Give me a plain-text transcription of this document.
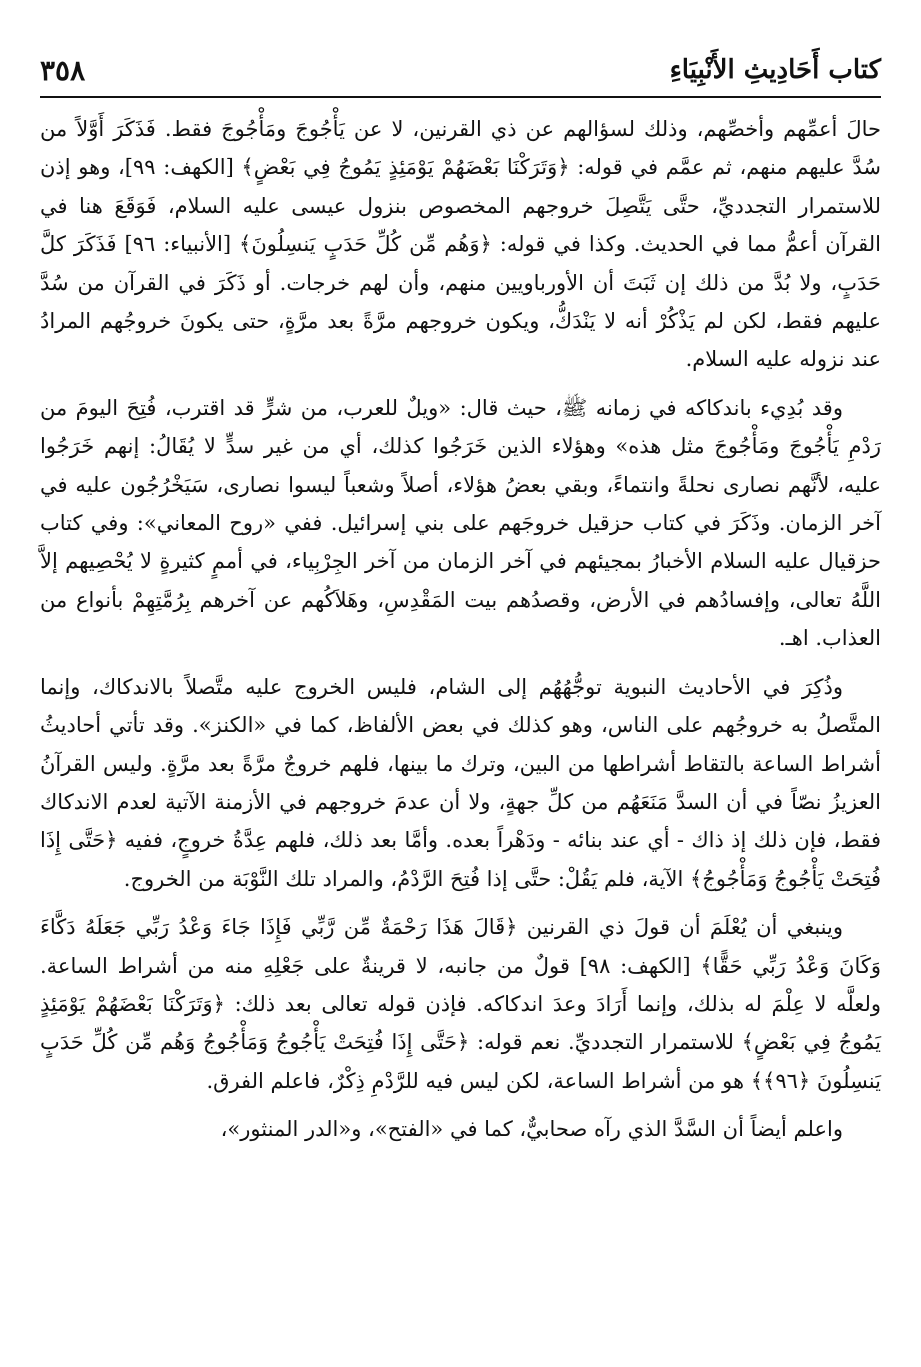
كتاب أَحَادِيثِ الأَنْبِيَاءِ
٣٥٨

حالَ أعمِّهم وأخصِّهم، وذلك لسؤالهم عن ذي القرنين، لا عن يَأْجُوجَ ومَأْجُوجَ فقط. فَذَكَرَ أَوَّلاً من سُدَّ عليهم منهم، ثم عمَّم في قوله: ﴿وَتَرَكْنَا بَعْضَهُمْ يَوْمَئِذٍ يَمُوجُ فِي بَعْضٍ﴾ [الكهف: ٩٩]، وهو إذن للاستمرار التجدديِّ، حتَّى يَتَّصِلَ خروجهم المخصوص بنزول عيسى عليه السلام، فَوَقَعَ هنا في القرآن أعمُّ مما في الحديث. وكذا في قوله: ﴿وَهُم مِّن كُلِّ حَدَبٍ يَنسِلُونَ﴾ [الأنبياء: ٩٦] فَذَكَرَ كلَّ حَدَبٍ، ولا بُدَّ من ذلك إن ثَبَتَ أن الأورباويين منهم، وأن لهم خرجات. أو ذَكَرَ في القرآن من سُدَّ عليهم فقط، لكن لم يَذْكُرْ أنه لا يَنْدَكُّ، ويكون خروجهم مرَّةً بعد مرَّةٍ، حتى يكونَ خروجُهم المرادُ عند نزوله عليه السلام.

وقد بُدِيء باندكاكه في زمانه ﷺ، حيث قال: «ويلٌ للعرب، من شرٍّ قد اقترب، فُتِحَ اليومَ من رَدْمِ يَأْجُوجَ ومَأْجُوجَ مثل هذه» وهؤلاء الذين خَرَجُوا كذلك، أي من غير سدٍّ لا يُقَالُ: إنهم خَرَجُوا عليه، لأنَّهم نصارى نحلةً وانتماءً، وبقي بعضُ هؤلاء، أصلاً وشعباً ليسوا نصارى، سَيَخْرُجُون عليه في آخر الزمان. وذَكَرَ في كتاب حزقيل خروجَهم على بني إسرائيل. ففي «روح المعاني»: وفي كتاب حزقيال عليه السلام الأخبارُ بمجيئهم في آخر الزمان من آخر الجِرْبِياء، في أممٍ كثيرةٍ لا يُحْصِيهم إلاَّ اللَّهُ تعالى، وإفسادُهم في الأرض، وقصدُهم بيت المَقْدِسِ، وهَلاَكُهم عن آخرهم بِرُمَّتِهِمْ بأنواع من العذاب. اهـ.

وذُكِرَ في الأحاديث النبوية توجُّهُهُم إلى الشام، فليس الخروج عليه متَّصلاً بالاندكاك، وإنما المتَّصلُ به خروجُهم على الناس، وهو كذلك في بعض الألفاظ، كما في «الكنز». وقد تأتي أحاديثُ أشراط الساعة بالتقاط أشراطها من البين، وترك ما بينها، فلهم خروجٌ مرَّةً بعد مرَّةٍ. وليس القرآنُ العزيزُ نصّاً في أن السدَّ مَنَعَهُم من كلِّ جهةٍ، ولا أن عدمَ خروجهم في الأزمنة الآتية لعدم الاندكاك فقط، فإن ذلك إذ ذاك - أي عند بنائه - ودَهْراً بعده. وأمَّا بعد ذلك، فلهم عِدَّةُ خروجٍ، ففيه ﴿حَتَّى إِذَا فُتِحَتْ يَأْجُوجُ وَمَأْجُوجُ﴾ الآية، فلم يَقُلْ: حتَّى إذا فُتِحَ الرَّدْمُ، والمراد تلك النَّوْبَة من الخروج.

وينبغي أن يُعْلَمَ أن قولَ ذي القرنين ﴿قَالَ هَذَا رَحْمَةٌ مِّن رَّبِّي فَإِذَا جَاءَ وَعْدُ رَبِّي جَعَلَهُ دَكَّاءَ وَكَانَ وَعْدُ رَبِّي حَقًّا﴾ [الكهف: ٩٨] قولٌ من جانبه، لا قرينةٌ على جَعْلِهِ منه من أشراط الساعة. ولعلَّه لا عِلْمَ له بذلك، وإنما أَرَادَ وعدَ اندكاكه. فإذن قوله تعالى بعد ذلك: ﴿وَتَرَكْنَا بَعْضَهُمْ يَوْمَئِذٍ يَمُوجُ فِي بَعْضٍ﴾ للاستمرار التجدديِّ. نعم قوله: ﴿حَتَّى إِذَا فُتِحَتْ يَأْجُوجُ وَمَأْجُوجُ وَهُم مِّن كُلِّ حَدَبٍ يَنسِلُونَ ﴿٩٦﴾﴾ هو من أشراط الساعة، لكن ليس فيه للرَّدْمِ ذِكْرٌ، فاعلم الفرق.

واعلم أيضاً أن السَّدَّ الذي رآه صحابيٌّ، كما في «الفتح»، و«الدر المنثور»،
